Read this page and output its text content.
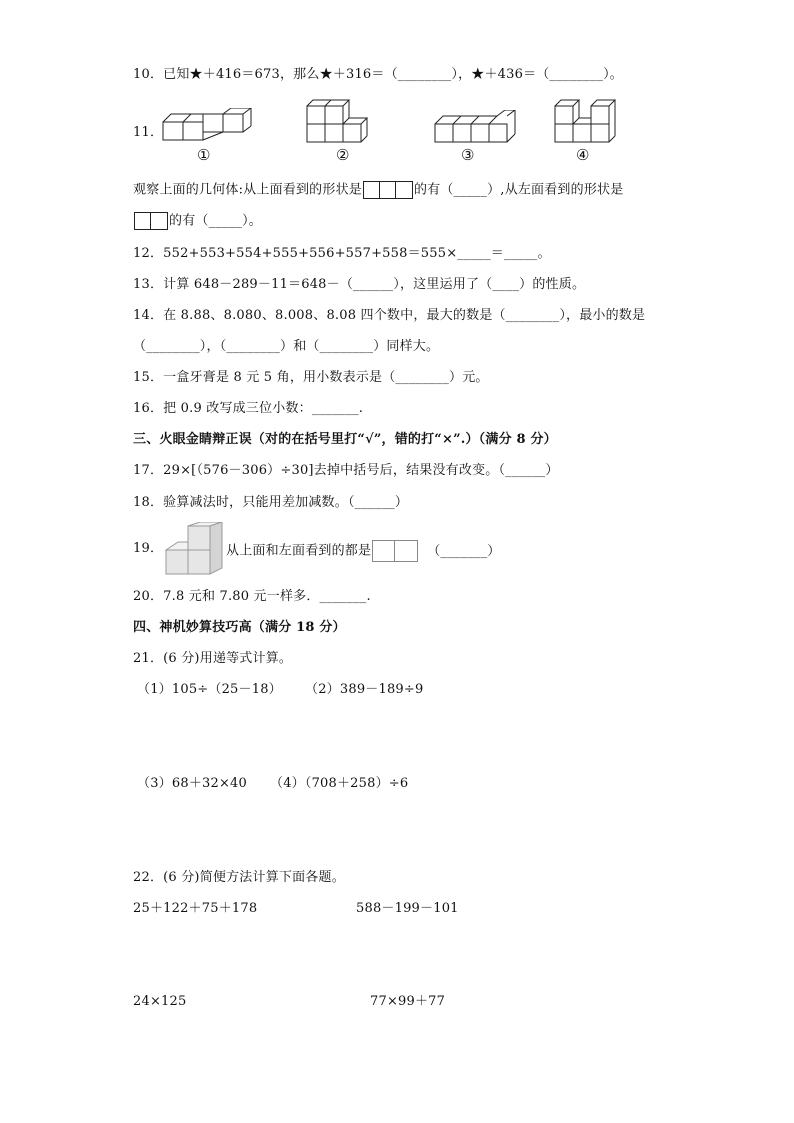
10．已知★＋416＝673，那么★＋316＝（________），★＋436＝（________）。
11．
①	②	③	④
观察上面的几何体:从上面看到的形状是	的有（_____）,从左面看到的形状是
的有（_____）。
12．552+553+554+555+556+557+558＝555×_____＝_____。
13．计算 648－289－11＝648－（______），这里运用了（____）的性质。
14．在 8.88、8.080、8.008、8.08 四个数中，最大的数是（________），最小的数是
（________），（________）和（________）同样大。
15．一盒牙膏是 8 元 5 角，用小数表示是（________）元。
16．把 0.9 改写成三位小数：_______.
三、火眼金睛辩正误（对的在括号里打“√”，错的打“×”.）（满分 8 分）
17．29×[（576－306）÷30]去掉中括号后，结果没有改变。（______）
18．验算减法时，只能用差加减数。（______）
19．	从上面和左面看到的都是	（_______）
20．7.8 元和 7.80 元一样多．_______.
四、神机妙算技巧高（满分 18 分）
21．(6 分)用递等式计算。
（1）105÷（25－18） （2）389－189÷9
（3）68＋32×40 （4）（708＋258）÷6
22．(6 分)简便方法计算下面各题。
25＋122＋75＋178	588－199－101
24×125	77×99＋77
